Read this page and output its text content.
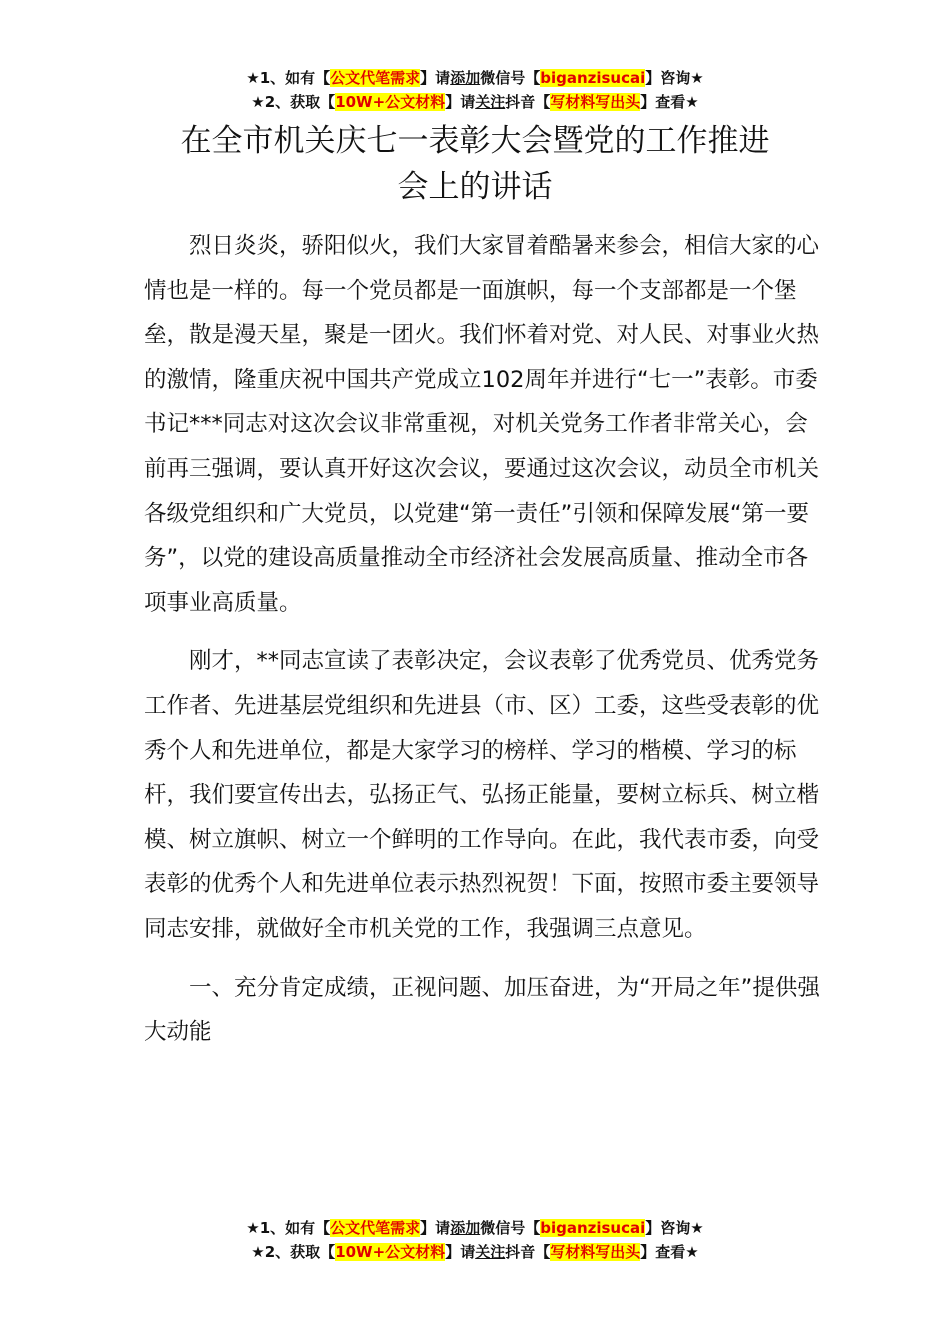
★1、如有【公文代笔需求】请添加微信号【biganzisucai】咨询★
★2、获取【10W+公文材料】请关注抖音【写材料写出头】查看★
在全市机关庆七一表彰大会暨党的工作推进
会上的讲话

烈日炎炎，骄阳似火，我们大家冒着酷暑来参会，相信大家的心情也是一样的。每一个党员都是一面旗帜，每一个支部都是一个堡垒，散是漫天星，聚是一团火。我们怀着对党、对人民、对事业火热的激情，隆重庆祝中国共产党成立102周年并进行“七一”表彰。市委书记***同志对这次会议非常重视，对机关党务工作者非常关心，会前再三强调，要认真开好这次会议，要通过这次会议，动员全市机关各级党组织和广大党员，以党建“第一责任”引领和保障发展“第一要务”，以党的建设高质量推动全市经济社会发展高质量、推动全市各项事业高质量。

刚才，**同志宣读了表彰决定，会议表彰了优秀党员、优秀党务工作者、先进基层党组织和先进县（市、区）工委，这些受表彰的优秀个人和先进单位，都是大家学习的榜样、学习的楷模、学习的标杆，我们要宣传出去，弘扬正气、弘扬正能量，要树立标兵、树立楷模、树立旗帜、树立一个鲜明的工作导向。在此，我代表市委，向受表彰的优秀个人和先进单位表示热烈祝贺！下面，按照市委主要领导同志安排，就做好全市机关党的工作，我强调三点意见。

一、充分肯定成绩，正视问题、加压奋进，为“开局之年”提供强大动能

★1、如有【公文代笔需求】请添加微信号【biganzisucai】咨询★
★2、获取【10W+公文材料】请关注抖音【写材料写出头】查看★
